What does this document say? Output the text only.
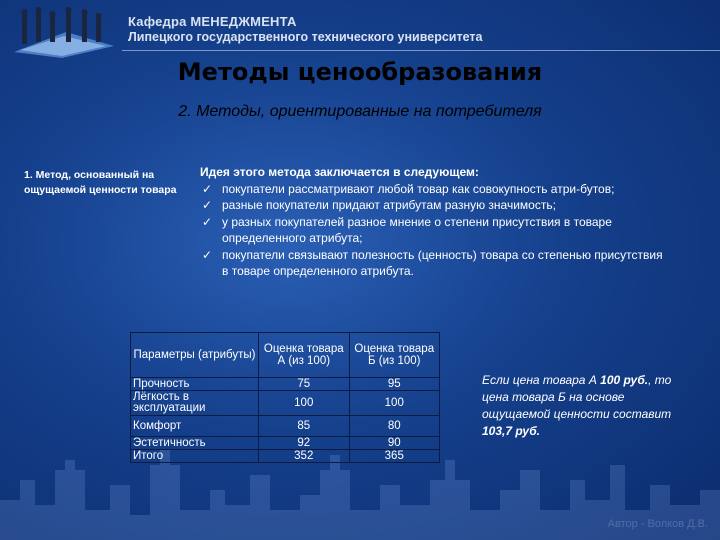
Кафедра МЕНЕДЖМЕНТА
Липецкого государственного технического университета
Методы ценообразования
2. Методы, ориентированные на потребителя
1. Метод, основанный на ощущаемой ценности товара
Идея этого метода заключается в следующем:
✓ покупатели рассматривают любой товар как совокупность атри-бутов;
✓ разные покупатели придают атрибутам разную значимость;
✓ у разных покупателей разное мнение о степени присутствия в товаре определенного атрибута;
✓ покупатели связывают полезность (ценность) товара со степенью присутствия в товаре определенного атрибута.
Параметры (атрибуты)	Оценка товара А (из 100)	Оценка товара Б (из 100)
Прочность	75	95
Лёгкость в эксплуатации	100	100
Комфорт	85	80
Эстетичность	92	90
Итого	352	365
Если цена товара А 100 руб., то цена товара Б на основе ощущаемой ценности составит 103,7 руб.
Автор - Волков Д.В.
